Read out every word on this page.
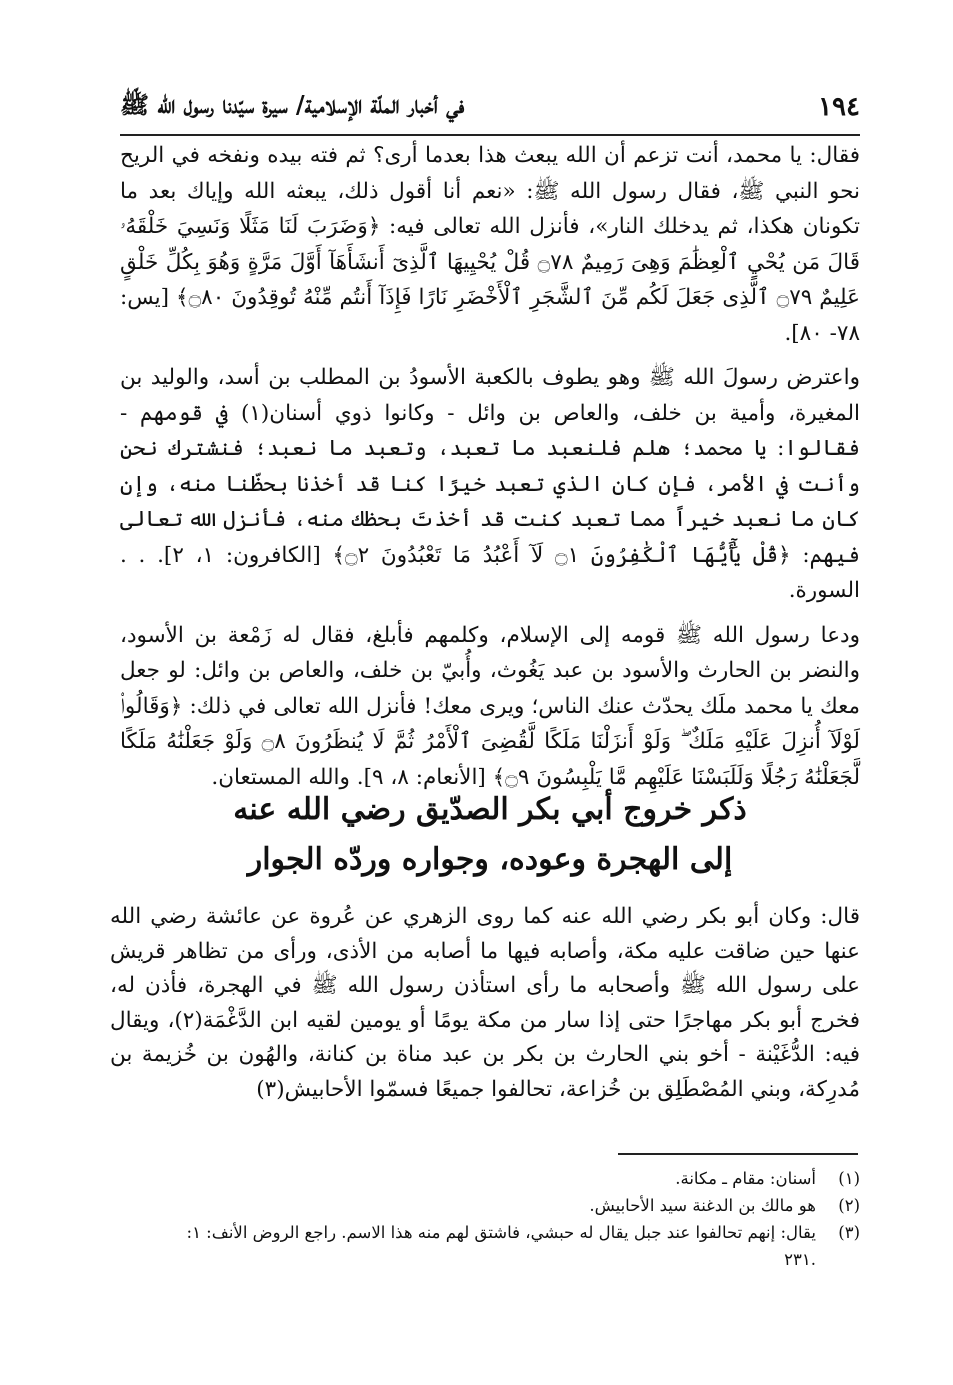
١٩٤
في أخبار الملّة الإسلامية/ سيرة سيّدنا رسول الله ﷺ

فقال: يا محمد، أنت تزعم أن الله يبعث هذا بعدما أرى؟ ثم فته بيده ونفخه في الريح نحو النبي ﷺ، فقال رسول الله ﷺ: «نعم أنا أقول ذلك، يبعثه الله وإياك بعد ما تكونان هكذا، ثم يدخلك النار»، فأنزل الله تعالى فيه: ﴿وَضَرَبَ لَنَا مَثَلًا وَنَسِيَ خَلْقَهُۥ قَالَ مَن يُحْيِ ٱلْعِظَٰمَ وَهِىَ رَمِيمٌ ۝٧٨ قُلْ يُحْيِيهَا ٱلَّذِىٓ أَنشَأَهَآ أَوَّلَ مَرَّةٍ وَهُوَ بِكُلِّ خَلْقٍ عَلِيمٌ ۝٧٩ ٱلَّذِى جَعَلَ لَكُم مِّنَ ٱلشَّجَرِ ٱلْأَخْضَرِ نَارًا فَإِذَآ أَنتُم مِّنْهُ تُوقِدُونَ ۝٨٠﴾ [يس: ٧٨- ٨٠].

واعترض رسولَ الله ﷺ وهو يطوف بالكعبة الأسودُ بن المطلب بن أسد، والوليد بن المغيرة، وأمية بن خلف، والعاص بن وائل - وكانوا ذوي أسنان(١) في قومهم - فقالوا: يا محمد؛ هلم فلنعبد ما تعبد، وتعبد ما نعبد؛ فنشترك نحن وأنت في الأمر، فإن كان الذي تعبد خيرًا كنا قد أخذنا بحظّنا منه، وإن كان ما نعبد خيراً مما تعبد كنت قد أخذتَ بحظك منه، فأنزل الله تعالى فيهم: ﴿قُلْ يَٰٓأَيُّهَا ٱلْكَٰفِرُونَ ۝١ لَآ أَعْبُدُ مَا تَعْبُدُونَ ۝٢﴾ [الكافرون: ١، ٢]. . . السورة.

ودعا رسول الله ﷺ قومه إلى الإسلام، وكلمهم فأبلغ، فقال له زَمْعة بن الأسود، والنضر بن الحارث والأسود بن عبد يَغُوث، وأُبيّ بن خلف، والعاص بن وائل: لو جعل معك يا محمد ملَك يحدّث عنك الناس؛ ويرى معك! فأنزل الله تعالى في ذلك: ﴿وَقَالُوا۟ لَوْلَآ أُنزِلَ عَلَيْهِ مَلَكٌ ۖ وَلَوْ أَنزَلْنَا مَلَكًا لَّقُضِىَ ٱلْأَمْرُ ثُمَّ لَا يُنظَرُونَ ۝٨ وَلَوْ جَعَلْنَٰهُ مَلَكًا لَّجَعَلْنَٰهُ رَجُلًا وَلَلَبَسْنَا عَلَيْهِم مَّا يَلْبِسُونَ ۝٩﴾ [الأنعام: ٨، ٩]. والله المستعان.

ذكر خروج أبي بكر الصدّيق رضي الله عنه
إلى الهجرة وعوده، وجواره وردّه الجوار

قال: وكان أبو بكر رضي الله عنه كما روى الزهري عن عُروة عن عائشة رضي الله عنها حين ضاقت عليه مكة، وأصابه فيها ما أصابه من الأذى، ورأى من تظاهر قريش على رسول الله ﷺ وأصحابه ما رأى استأذن رسول الله ﷺ في الهجرة، فأذن له، فخرج أبو بكر مهاجرًا حتى إذا سار من مكة يومًا أو يومين لقيه ابن الدَّغْمَة(٢)، ويقال فيه: الدُّغَيْنة - أخو بني الحارث بن بكر بن عبد مناة بن كنانة، والهُون بن خُزيمة بن مُدرِكة، وبني المُصْطَلِق بن خُزاعة، تحالفوا جميعًا فسمّوا الأحابيش(٣)

(١)
أسنان: مقام ـ مكانة.
(٢)
هو مالك بن الدغنة سيد الأحابيش.
(٣)
يقال: إنهم تحالفوا عند جبل يقال له حبشي، فاشتق لهم منه هذا الاسم. راجع الروض الأنف: ١:
.٢٣١
